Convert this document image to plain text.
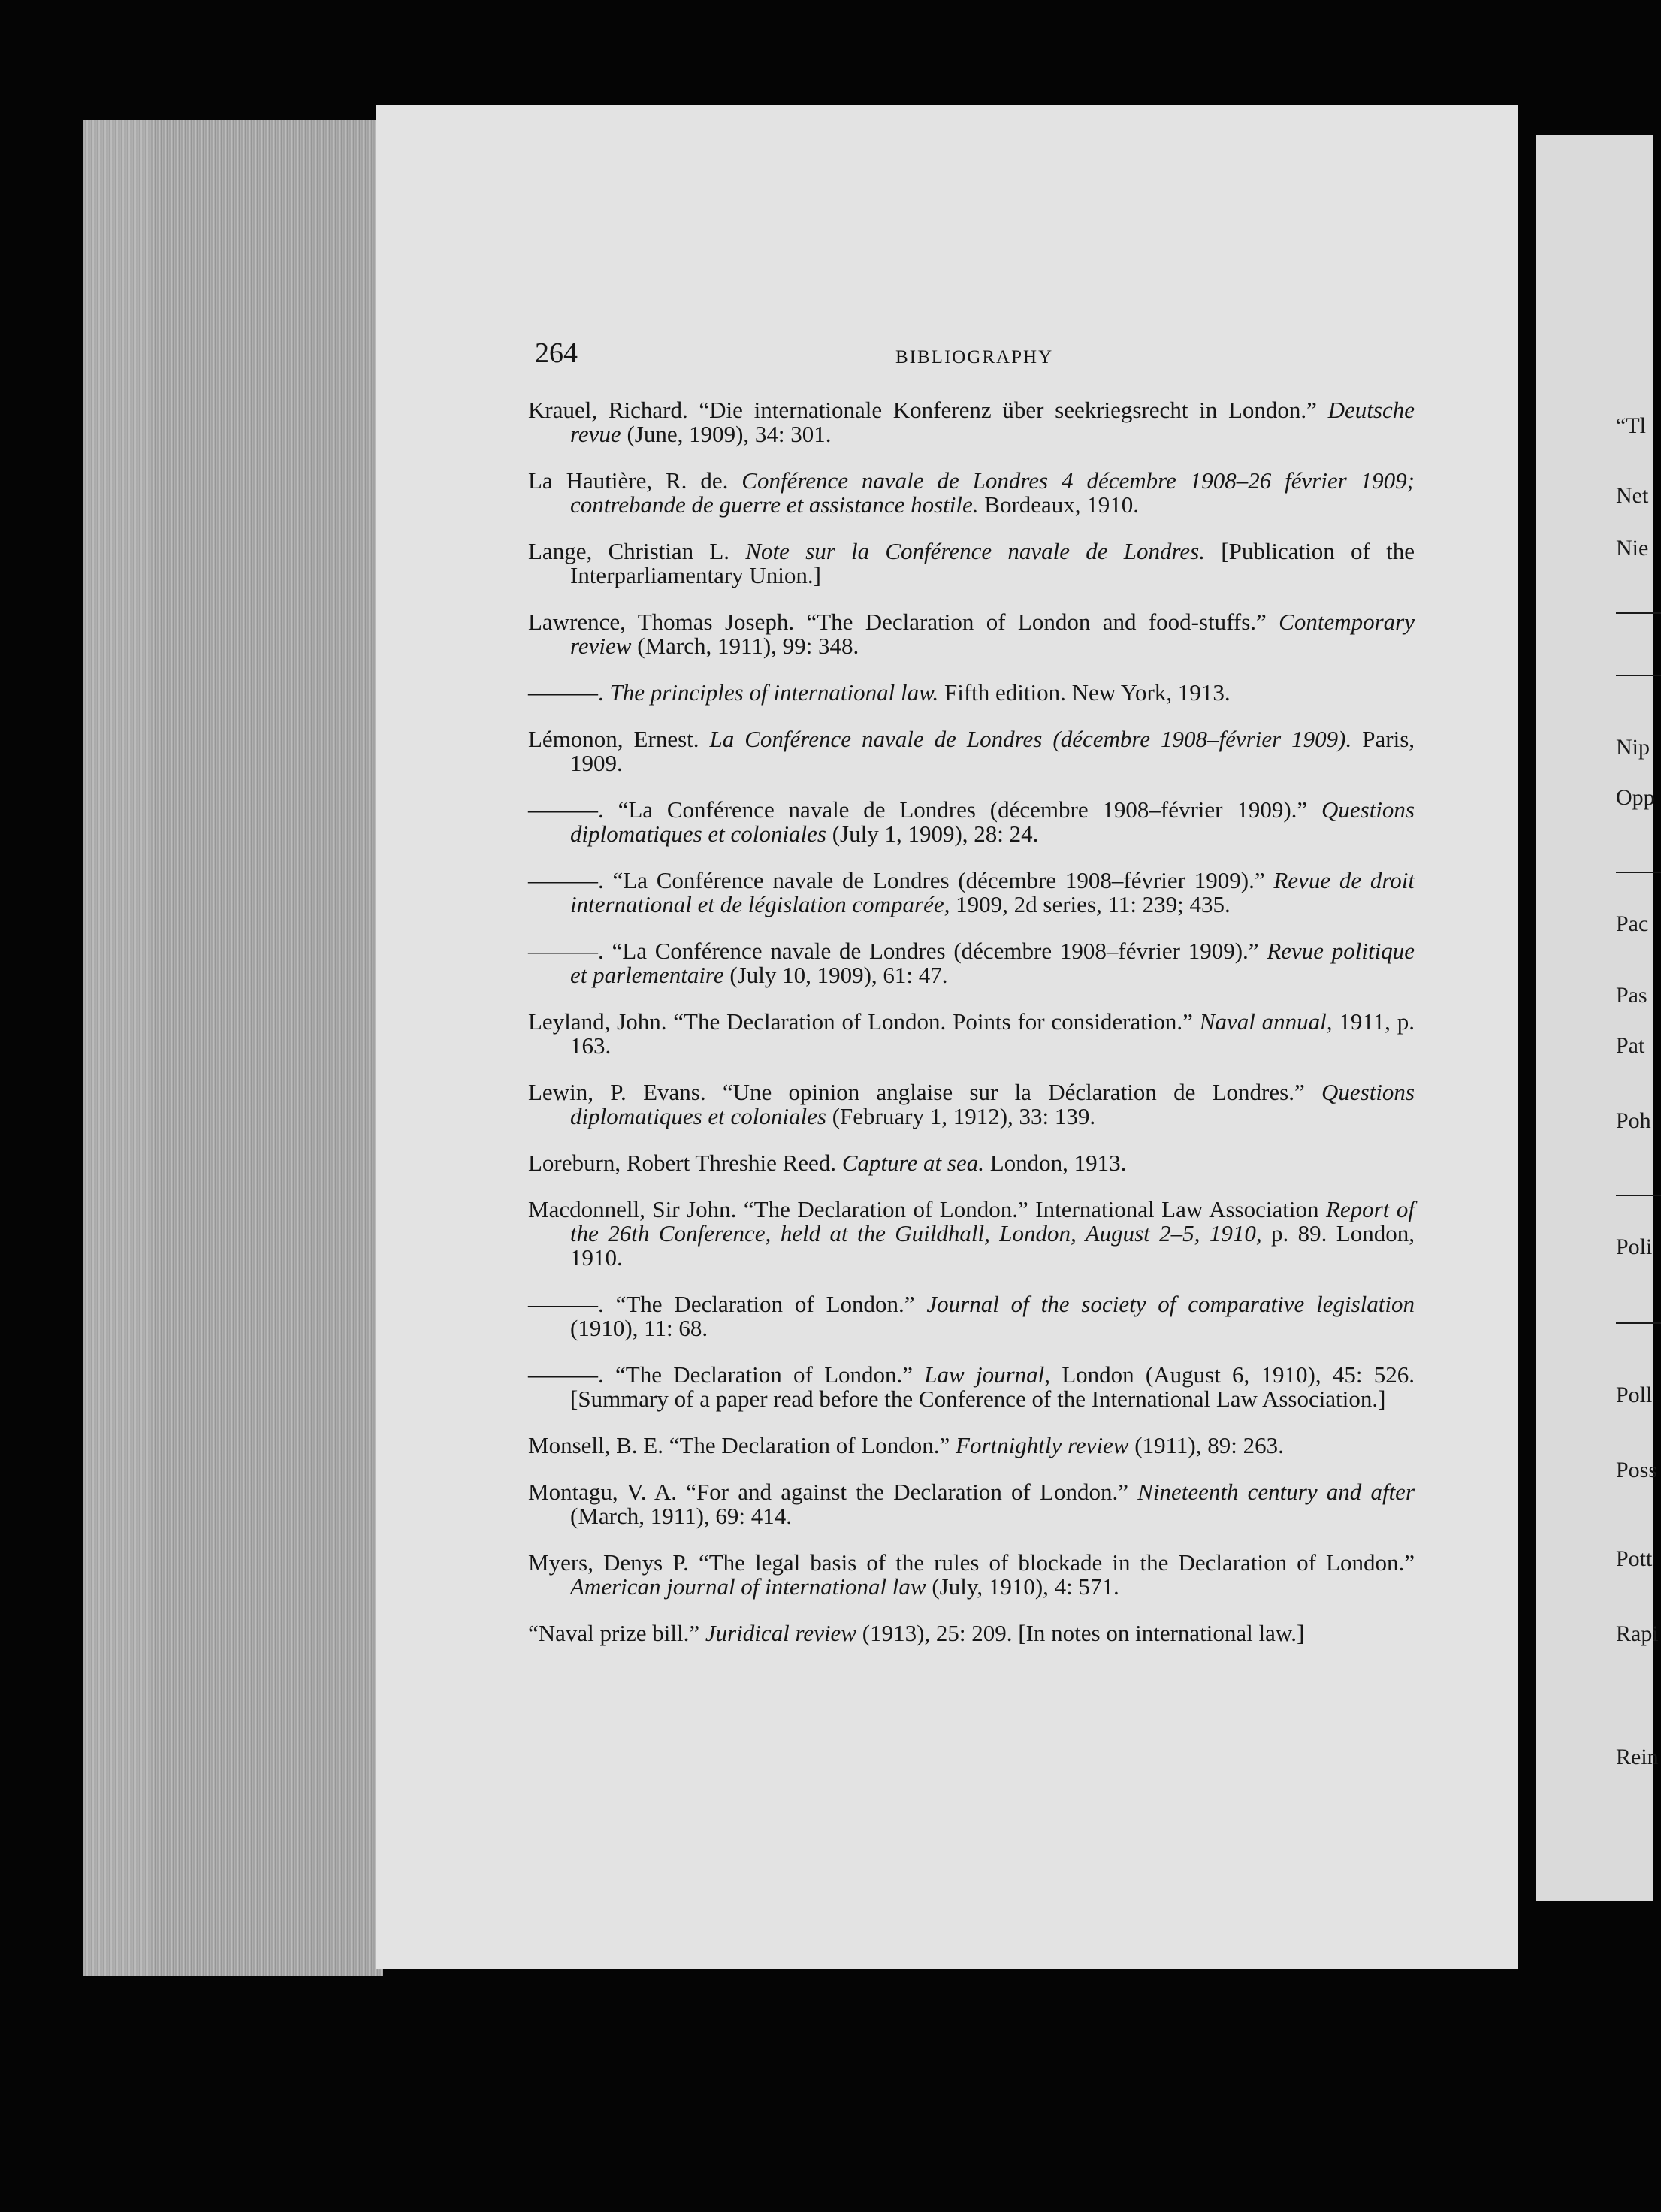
264	BIBLIOGRAPHY

Krauel, Richard. “Die internationale Konferenz über seekriegsrecht in London.” Deutsche revue (June, 1909), 34: 301.

La Hautière, R. de. Conférence navale de Londres 4 décembre 1908–26 février 1909; contrebande de guerre et assistance hostile. Bordeaux, 1910.

Lange, Christian L. Note sur la Conférence navale de Londres. [Publication of the Interparliamentary Union.]

Lawrence, Thomas Joseph. “The Declaration of London and food-stuffs.” Contemporary review (March, 1911), 99: 348.

———. The principles of international law. Fifth edition. New York, 1913.

Lémonon, Ernest. La Conférence navale de Londres (décembre 1908–février 1909). Paris, 1909.

———. “La Conférence navale de Londres (décembre 1908–février 1909).” Questions diplomatiques et coloniales (July 1, 1909), 28: 24.

———. “La Conférence navale de Londres (décembre 1908–février 1909).” Revue de droit international et de législation comparée, 1909, 2d series, 11: 239; 435.

———. “La Conférence navale de Londres (décembre 1908–février 1909).” Revue politique et parlementaire (July 10, 1909), 61: 47.

Leyland, John. “The Declaration of London. Points for consideration.” Naval annual, 1911, p. 163.

Lewin, P. Evans. “Une opinion anglaise sur la Déclaration de Londres.” Questions diplomatiques et coloniales (February 1, 1912), 33: 139.

Loreburn, Robert Threshie Reed. Capture at sea. London, 1913.

Macdonnell, Sir John. “The Declaration of London.” International Law Association Report of the 26th Conference, held at the Guildhall, London, August 2–5, 1910, p. 89. London, 1910.

———. “The Declaration of London.” Journal of the society of comparative legislation (1910), 11: 68.

———. “The Declaration of London.” Law journal, London (August 6, 1910), 45: 526. [Summary of a paper read before the Conference of the International Law Association.]

Monsell, B. E. “The Declaration of London.” Fortnightly review (1911), 89: 263.

Montagu, V. A. “For and against the Declaration of London.” Nineteenth century and after (March, 1911), 69: 414.

Myers, Denys P. “The legal basis of the rules of blockade in the Declaration of London.” American journal of international law (July, 1910), 4: 571.

“Naval prize bill.” Juridical review (1913), 25: 209. [In notes on international law.]

“Tl
Net
Nie
Nip
Opp
Pac
Pas
Pat
Poh
Poli
Poll
Poss
Pott
Rapi
Rein
